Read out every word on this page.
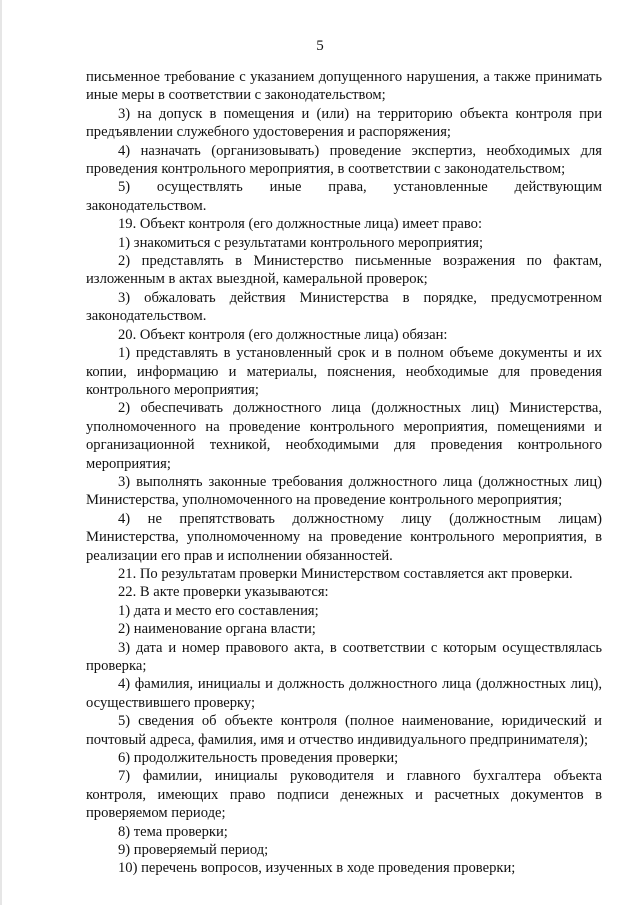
5

письменное требование с указанием допущенного нарушения, а также принимать иные меры в соответствии с законодательством;

3) на допуск в помещения и (или) на территорию объекта контроля при предъявлении служебного удостоверения и распоряжения;

4) назначать (организовывать) проведение экспертиз, необходимых для проведения контрольного мероприятия, в соответствии с законодательством;

5) осуществлять иные права, установленные действующим законодательством.

19. Объект контроля (его должностные лица) имеет право:

1) знакомиться с результатами контрольного мероприятия;

2) представлять в Министерство письменные возражения по фактам, изложенным в актах выездной, камеральной проверок;

3) обжаловать действия Министерства в порядке, предусмотренном законодательством.

20. Объект контроля (его должностные лица) обязан:

1) представлять в установленный срок и в полном объеме документы и их копии, информацию и материалы, пояснения, необходимые для проведения контрольного мероприятия;

2) обеспечивать должностного лица (должностных лиц) Министерства, уполномоченного на проведение контрольного мероприятия, помещениями и организационной техникой, необходимыми для проведения контрольного мероприятия;

3) выполнять законные требования должностного лица (должностных лиц) Министерства, уполномоченного на проведение контрольного мероприятия;

4) не препятствовать должностному лицу (должностным лицам) Министерства, уполномоченному на проведение контрольного мероприятия, в реализации его прав и исполнении обязанностей.

21. По результатам проверки Министерством составляется акт проверки.

22. В акте проверки указываются:

1) дата и место его составления;

2) наименование органа власти;

3) дата и номер правового акта, в соответствии с которым осуществлялась проверка;

4) фамилия, инициалы и должность должностного лица (должностных лиц), осуществившего проверку;

5) сведения об объекте контроля (полное наименование, юридический и почтовый адреса, фамилия, имя и отчество индивидуального предпринимателя);

6) продолжительность проведения проверки;

7) фамилии, инициалы руководителя и главного бухгалтера объекта контроля, имеющих право подписи денежных и расчетных документов в проверяемом периоде;

8) тема проверки;

9) проверяемый период;

10) перечень вопросов, изученных в ходе проведения проверки;
